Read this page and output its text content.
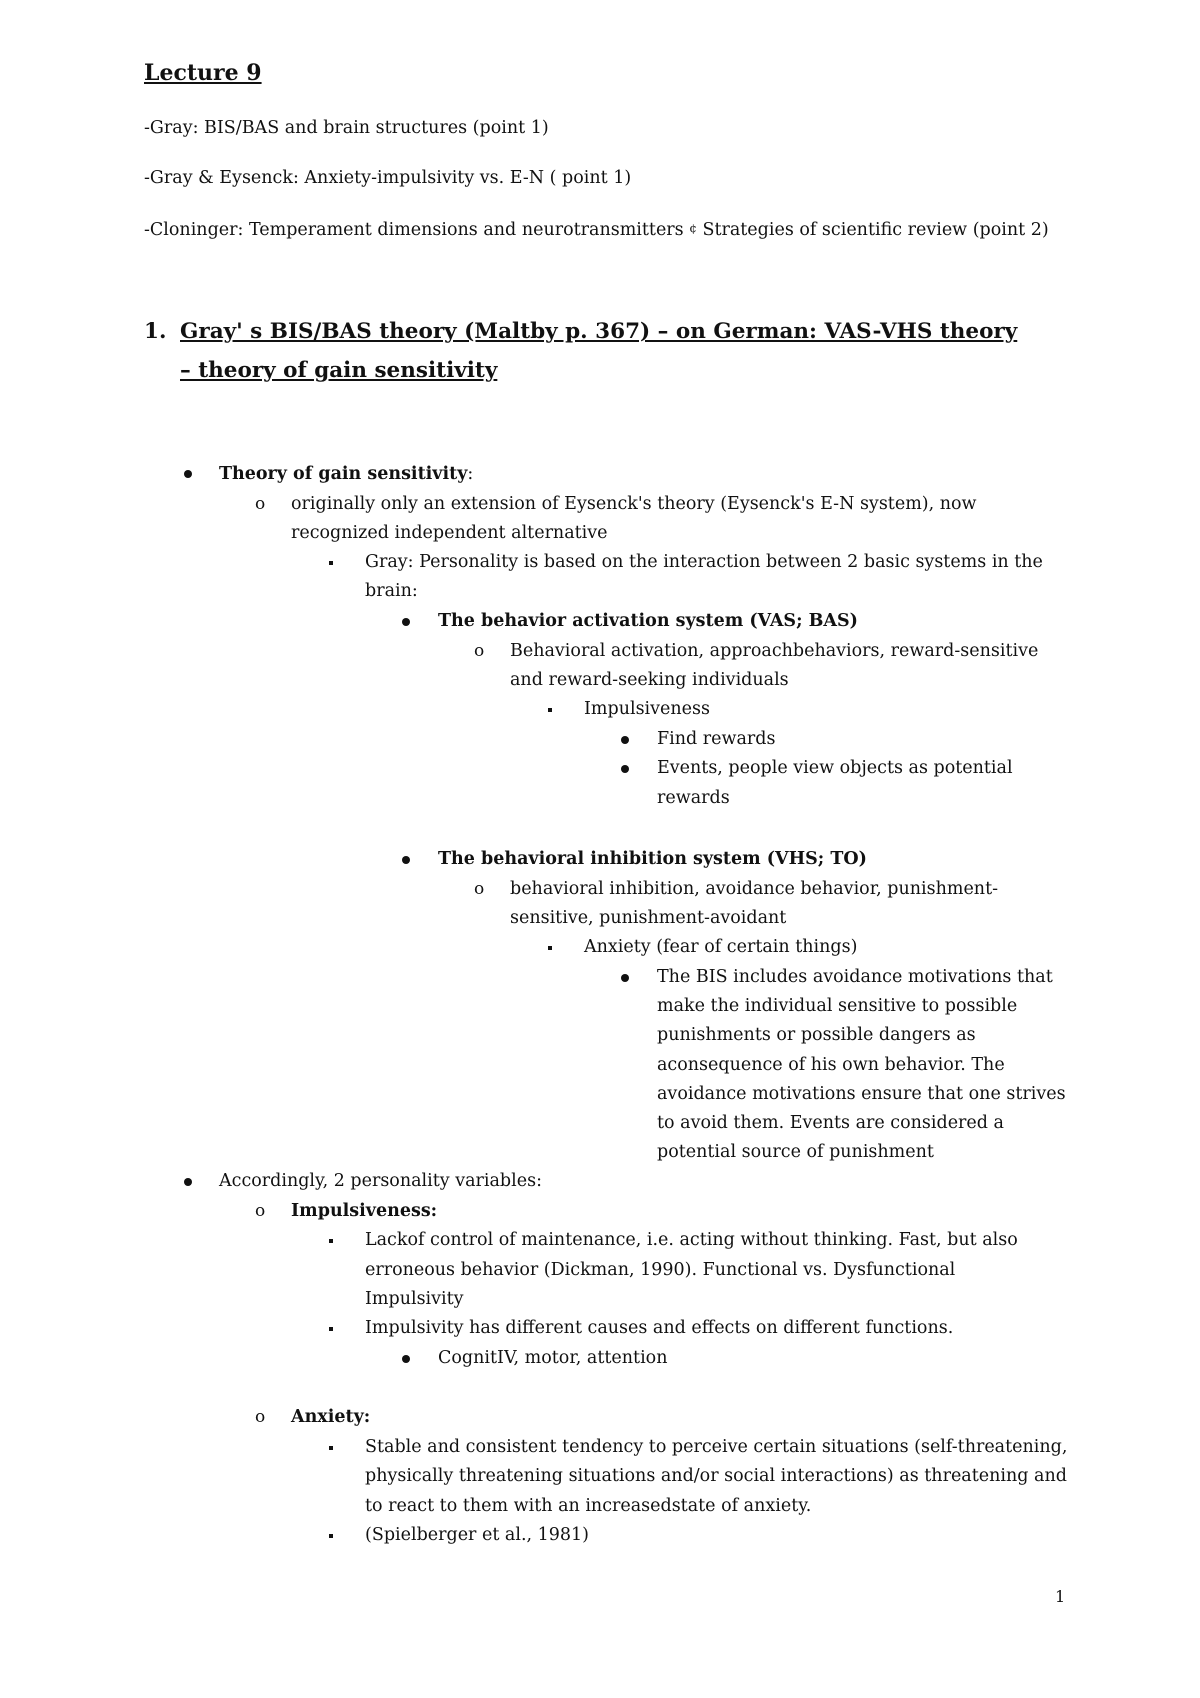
Lecture 9
-Gray: BIS/BAS and brain structures (point 1)
-Gray & Eysenck: Anxiety-impulsivity vs. E-N ( point 1)
-Cloninger: Temperament dimensions and neurotransmitters ¢ Strategies of scientific review (point 2)
1. Gray' s BIS/BAS theory (Maltby p. 367) – on German: VAS-VHS theory
– theory of gain sensitivity
Theory of gain sensitivity:
o originally only an extension of Eysenck's theory (Eysenck's E-N system), now
recognized independent alternative
Gray: Personality is based on the interaction between 2 basic systems in the
brain:
The behavior activation system (VAS; BAS)
o Behavioral activation, approachbehaviors, reward-sensitive
and reward-seeking individuals
Impulsiveness
Find rewards
Events, people view objects as potential
rewards
The behavioral inhibition system (VHS; TO)
o behavioral inhibition, avoidance behavior, punishment-
sensitive, punishment-avoidant
Anxiety (fear of certain things)
The BIS includes avoidance motivations that
make the individual sensitive to possible
punishments or possible dangers as
aconsequence of his own behavior. The
avoidance motivations ensure that one strives
to avoid them. Events are considered a
potential source of punishment
Accordingly, 2 personality variables:
o Impulsiveness:
Lackof control of maintenance, i.e. acting without thinking. Fast, but also
erroneous behavior (Dickman, 1990). Functional vs. Dysfunctional
Impulsivity
Impulsivity has different causes and effects on different functions.
CognitIV, motor, attention
o Anxiety:
Stable and consistent tendency to perceive certain situations (self-threatening,
physically threatening situations and/or social interactions) as threatening and
to react to them with an increasedstate of anxiety.
(Spielberger et al., 1981)
1
